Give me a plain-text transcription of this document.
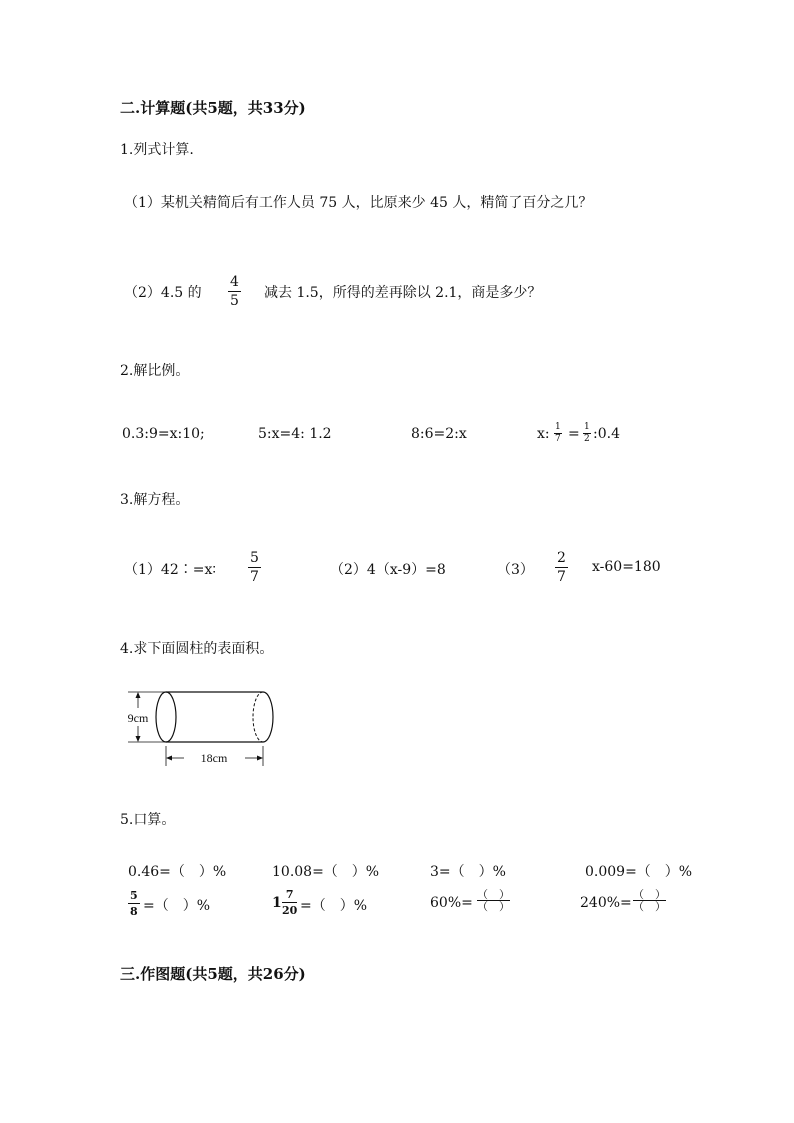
二.计算题(共5题，共33分)
1.列式计算.
（1）某机关精简后有工作人员 75 人，比原来少 45 人，精简了百分之几？
（2）4.5 的
4
5 减去 1.5，所得的差再除以 2.1，商是多少？
2.解比例。
0.3:9=x:10;	5:x=4: 1.2	8:6=2:x	x: 1
7 = 1
2 :0.4
3.解方程。
（1）42∶=x∶
5
7	（2）4（x-9）=8	（3）
2
7
x-60=180
4.求下面圆柱的表面积。
9cm
18cm
5.口算。
0.46=（　）%	10.08=（　）%	3=（　）%	0.009=（　）%
5
8 =（　）%	1
7
20 =（　）%	60%=
（　）
（　）	240%=
（　）
（　）
三.作图题(共5题，共26分)
